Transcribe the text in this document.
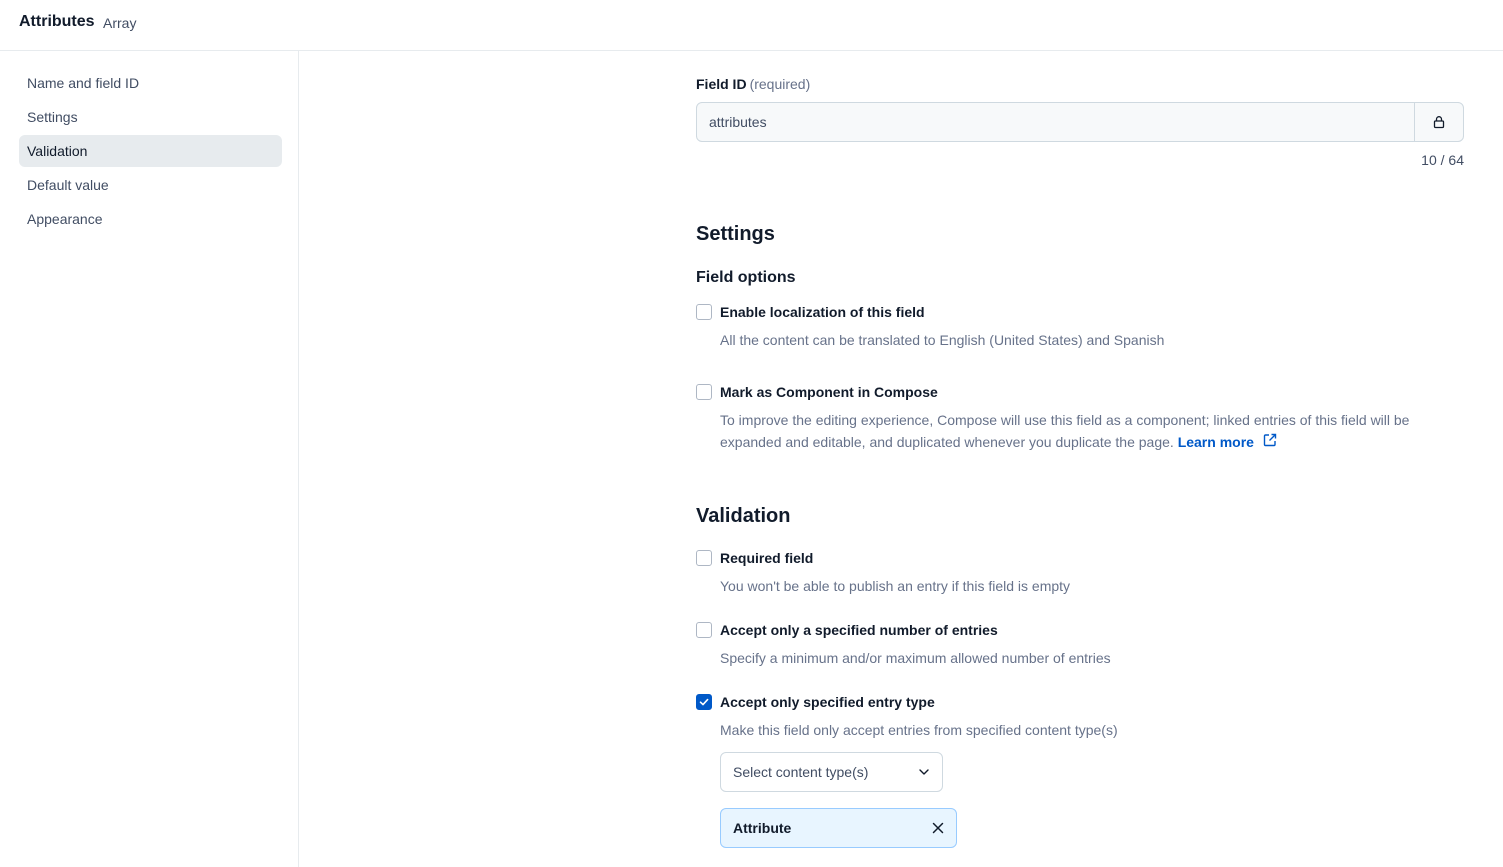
Attributes Array
Name and field ID
Settings
Validation
Default value
Appearance
Field ID (required)
attributes
10 / 64
Settings
Field options
Enable localization of this field
All the content can be translated to English (United States) and Spanish
Mark as Component in Compose
To improve the editing experience, Compose will use this field as a component; linked entries of this field will be
expanded and editable, and duplicated whenever you duplicate the page. Learn more
Validation
Required field
You won't be able to publish an entry if this field is empty
Accept only a specified number of entries
Specify a minimum and/or maximum allowed number of entries
Accept only specified entry type
Make this field only accept entries from specified content type(s)
Select content type(s)
Attribute
